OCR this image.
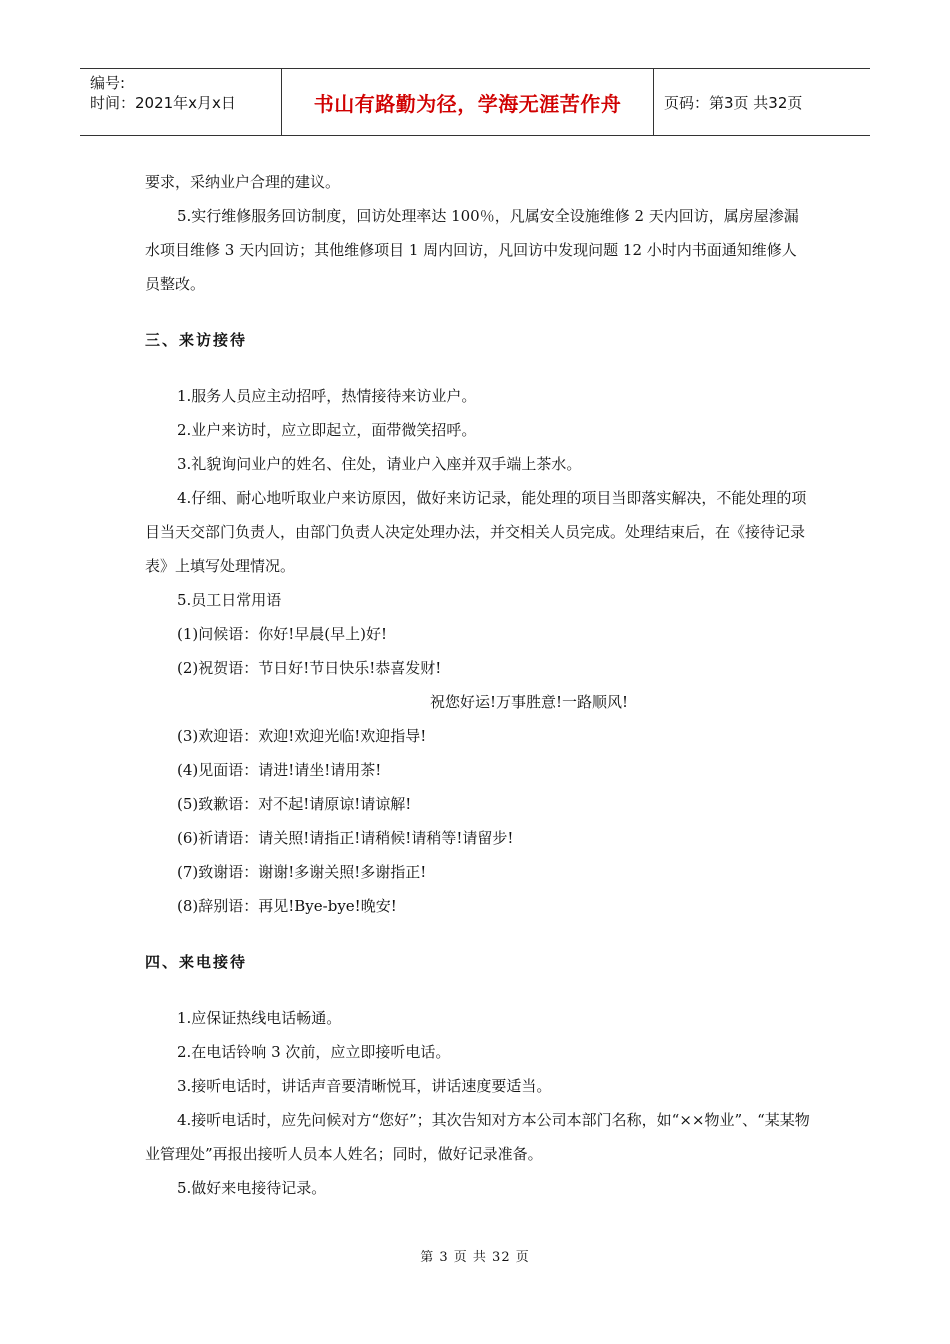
编号:
时间：2021年x月x日	书山有路勤为径，学海无涯苦作舟	页码：第3页 共32页

要求，采纳业户合理的建议。

5.实行维修服务回访制度，回访处理率达 100％，凡属安全设施维修 2 天内回访，属房屋渗漏水项目维修 3 天内回访；其他维修项目 1 周内回访，凡回访中发现问题 12 小时内书面通知维修人员整改。

三、来访接待

1.服务人员应主动招呼，热情接待来访业户。

2.业户来访时，应立即起立，面带微笑招呼。

3.礼貌询问业户的姓名、住处，请业户入座并双手端上茶水。

4.仔细、耐心地听取业户来访原因，做好来访记录，能处理的项目当即落实解决，不能处理的项目当天交部门负责人，由部门负责人决定处理办法，并交相关人员完成。处理结束后，在《接待记录表》上填写处理情况。

5.员工日常用语

(1)问候语：你好!早晨(早上)好!

(2)祝贺语：节日好!节日快乐!恭喜发财!

祝您好运!万事胜意!一路顺风!

(3)欢迎语：欢迎!欢迎光临!欢迎指导!

(4)见面语：请进!请坐!请用茶!

(5)致歉语：对不起!请原谅!请谅解!

(6)祈请语：请关照!请指正!请稍候!请稍等!请留步!

(7)致谢语：谢谢!多谢关照!多谢指正!

(8)辞别语：再见!Bye-bye!晚安!

四、来电接待

1.应保证热线电话畅通。

2.在电话铃响 3 次前，应立即接听电话。

3.接听电话时，讲话声音要清晰悦耳，讲话速度要适当。

4.接听电话时，应先问候对方“您好”；其次告知对方本公司本部门名称，如“××物业”、“某某物业管理处”再报出接听人员本人姓名；同时，做好记录准备。

5.做好来电接待记录。

第 3 页 共 32 页
